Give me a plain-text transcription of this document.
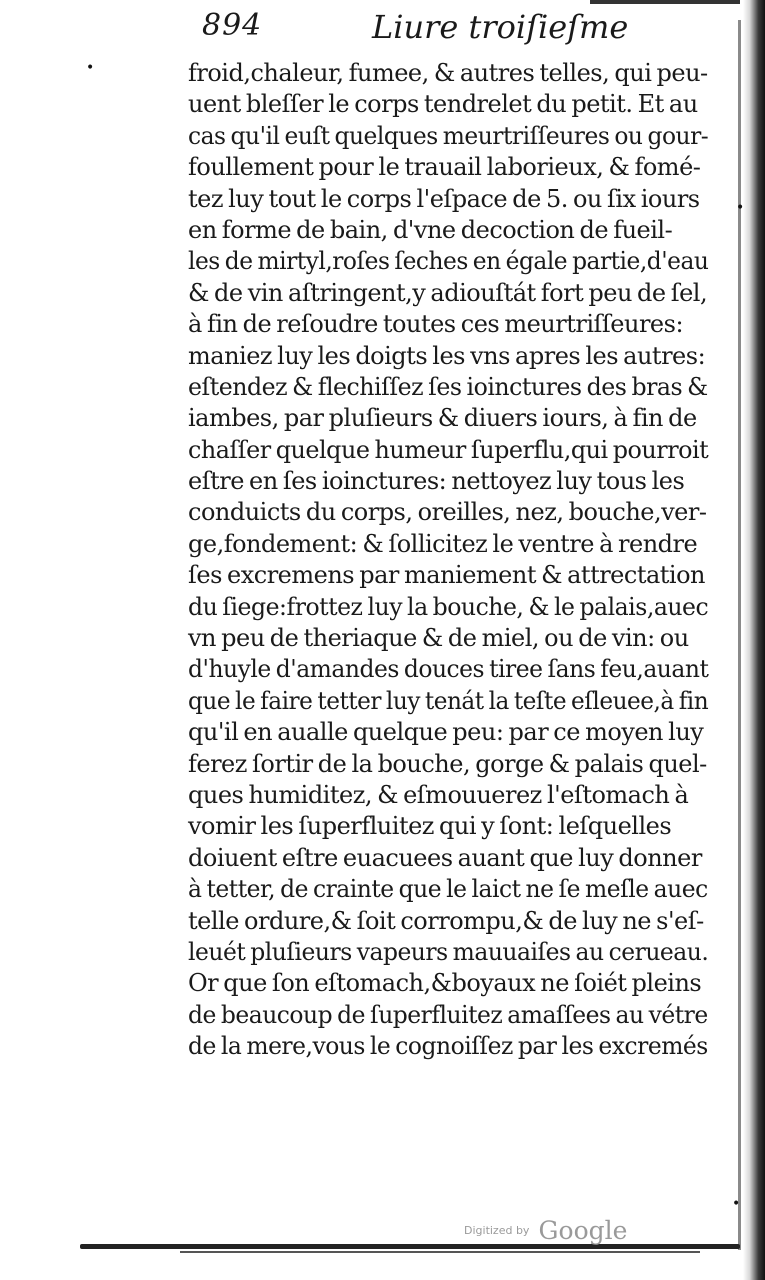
•
•
•
894	Liure troiſieſme
froid,chaleur, fumee, & autres telles, qui peu-
uent bleſſer le corps tendrelet du petit. Et au
cas qu'il euſt quelques meurtriſſeures ou gour-
foullement pour le trauail laborieux, & fomé-
tez luy tout le corps l'eſpace de 5. ou ſix iours
en forme de bain, d'vne decoction de fueil-
les de mirtyl,roſes ſeches en égale partie,d'eau
& de vin aſtringent,y adiouſtát fort peu de ſel,
à fin de reſoudre toutes ces meurtriſſeures:
maniez luy les doigts les vns apres les autres:
eſtendez & flechiſſez ſes ioinctures des bras &
iambes, par pluſieurs & diuers iours, à fin de
chaſſer quelque humeur ſuperflu,qui pourroit
eſtre en ſes ioinctures: nettoyez luy tous les
conduicts du corps, oreilles, nez, bouche,ver-
ge,fondement: & ſollicitez le ventre à rendre
ſes excremens par maniement & attrectation
du ſiege:frottez luy la bouche, & le palais,auec
vn peu de theriaque & de miel, ou de vin: ou
d'huyle d'amandes douces tiree ſans feu,auant
que le faire tetter luy tenát la teſte eſleuee,à fin
qu'il en aualle quelque peu: par ce moyen luy
ferez ſortir de la bouche, gorge & palais quel-
ques humiditez, & eſmouuerez l'eſtomach à
vomir les ſuperfluitez qui y ſont: leſquelles
doiuent eſtre euacuees auant que luy donner
à tetter, de crainte que le laict ne ſe meſle auec
telle ordure,& ſoit corrompu,& de luy ne s'eſ-
leuét pluſieurs vapeurs mauuaiſes au cerueau.
Or que ſon eſtomach,&boyaux ne ſoiét pleins
de beaucoup de ſuperfluitez amaſſees au vétre
de la mere,vous le cognoiſſez par les excremés
Digitized by Google
